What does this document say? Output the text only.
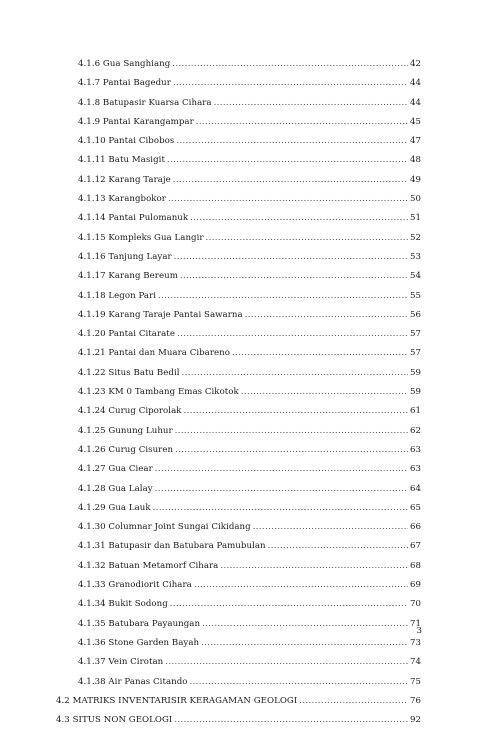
4.1.6 Gua Sanghiang .....	42
4.1.7 Pantai Bagedur .....	44
4.1.8 Batupasir Kuarsa Cihara .....	44
4.1.9 Pantai Karangampar .....	45
4.1.10 Pantai Cibobos .....	47
4.1.11 Batu Masigit .....	48
4.1.12 Karang Taraje .....	49
4.1.13 Karangbokor .....	50
4.1.14 Pantai Pulomanuk .....	51
4.1.15 Kompleks Gua Langir .....	52
4.1.16 Tanjung Layar .....	53
4.1.17 Karang Bereum .....	54
4.1.18 Legon Pari .....	55
4.1.19 Karang Taraje Pantai Sawarna .....	56
4.1.20 Pantai Citarate .....	57
4.1.21 Pantai dan Muara Cibareno .....	57
4.1.22 Situs Batu Bedil .....	59
4.1.23 KM 0 Tambang Emas Cikotok .....	59
4.1.24 Curug Ciporolak .....	61
4.1.25 Gunung Luhur .....	62
4.1.26 Curug Cisuren .....	63
4.1.27 Gua Ciear .....	63
4.1.28 Gua Lalay .....	64
4.1.29 Gua Lauk .....	65
4.1.30 Columnar Joint Sungai Cikidang .....	66
4.1.31 Batupasir dan Batubara Pamubulan .....	67
4.1.32 Batuan Metamorf Cihara .....	68
4.1.33 Granodiorit Cihara .....	69
4.1.34 Bukit Sodong .....	70
4.1.35 Batubara Payaungan .....	71
4.1.36 Stone Garden Bayah .....	73
4.1.37 Vein Cirotan .....	74
4.1.38 Air Panas Citando .....	75
4.2 MATRIKS INVENTARISIR KERAGAMAN GEOLOGI .....	76
4.3 SITUS NON GEOLOGI .....	92
3
